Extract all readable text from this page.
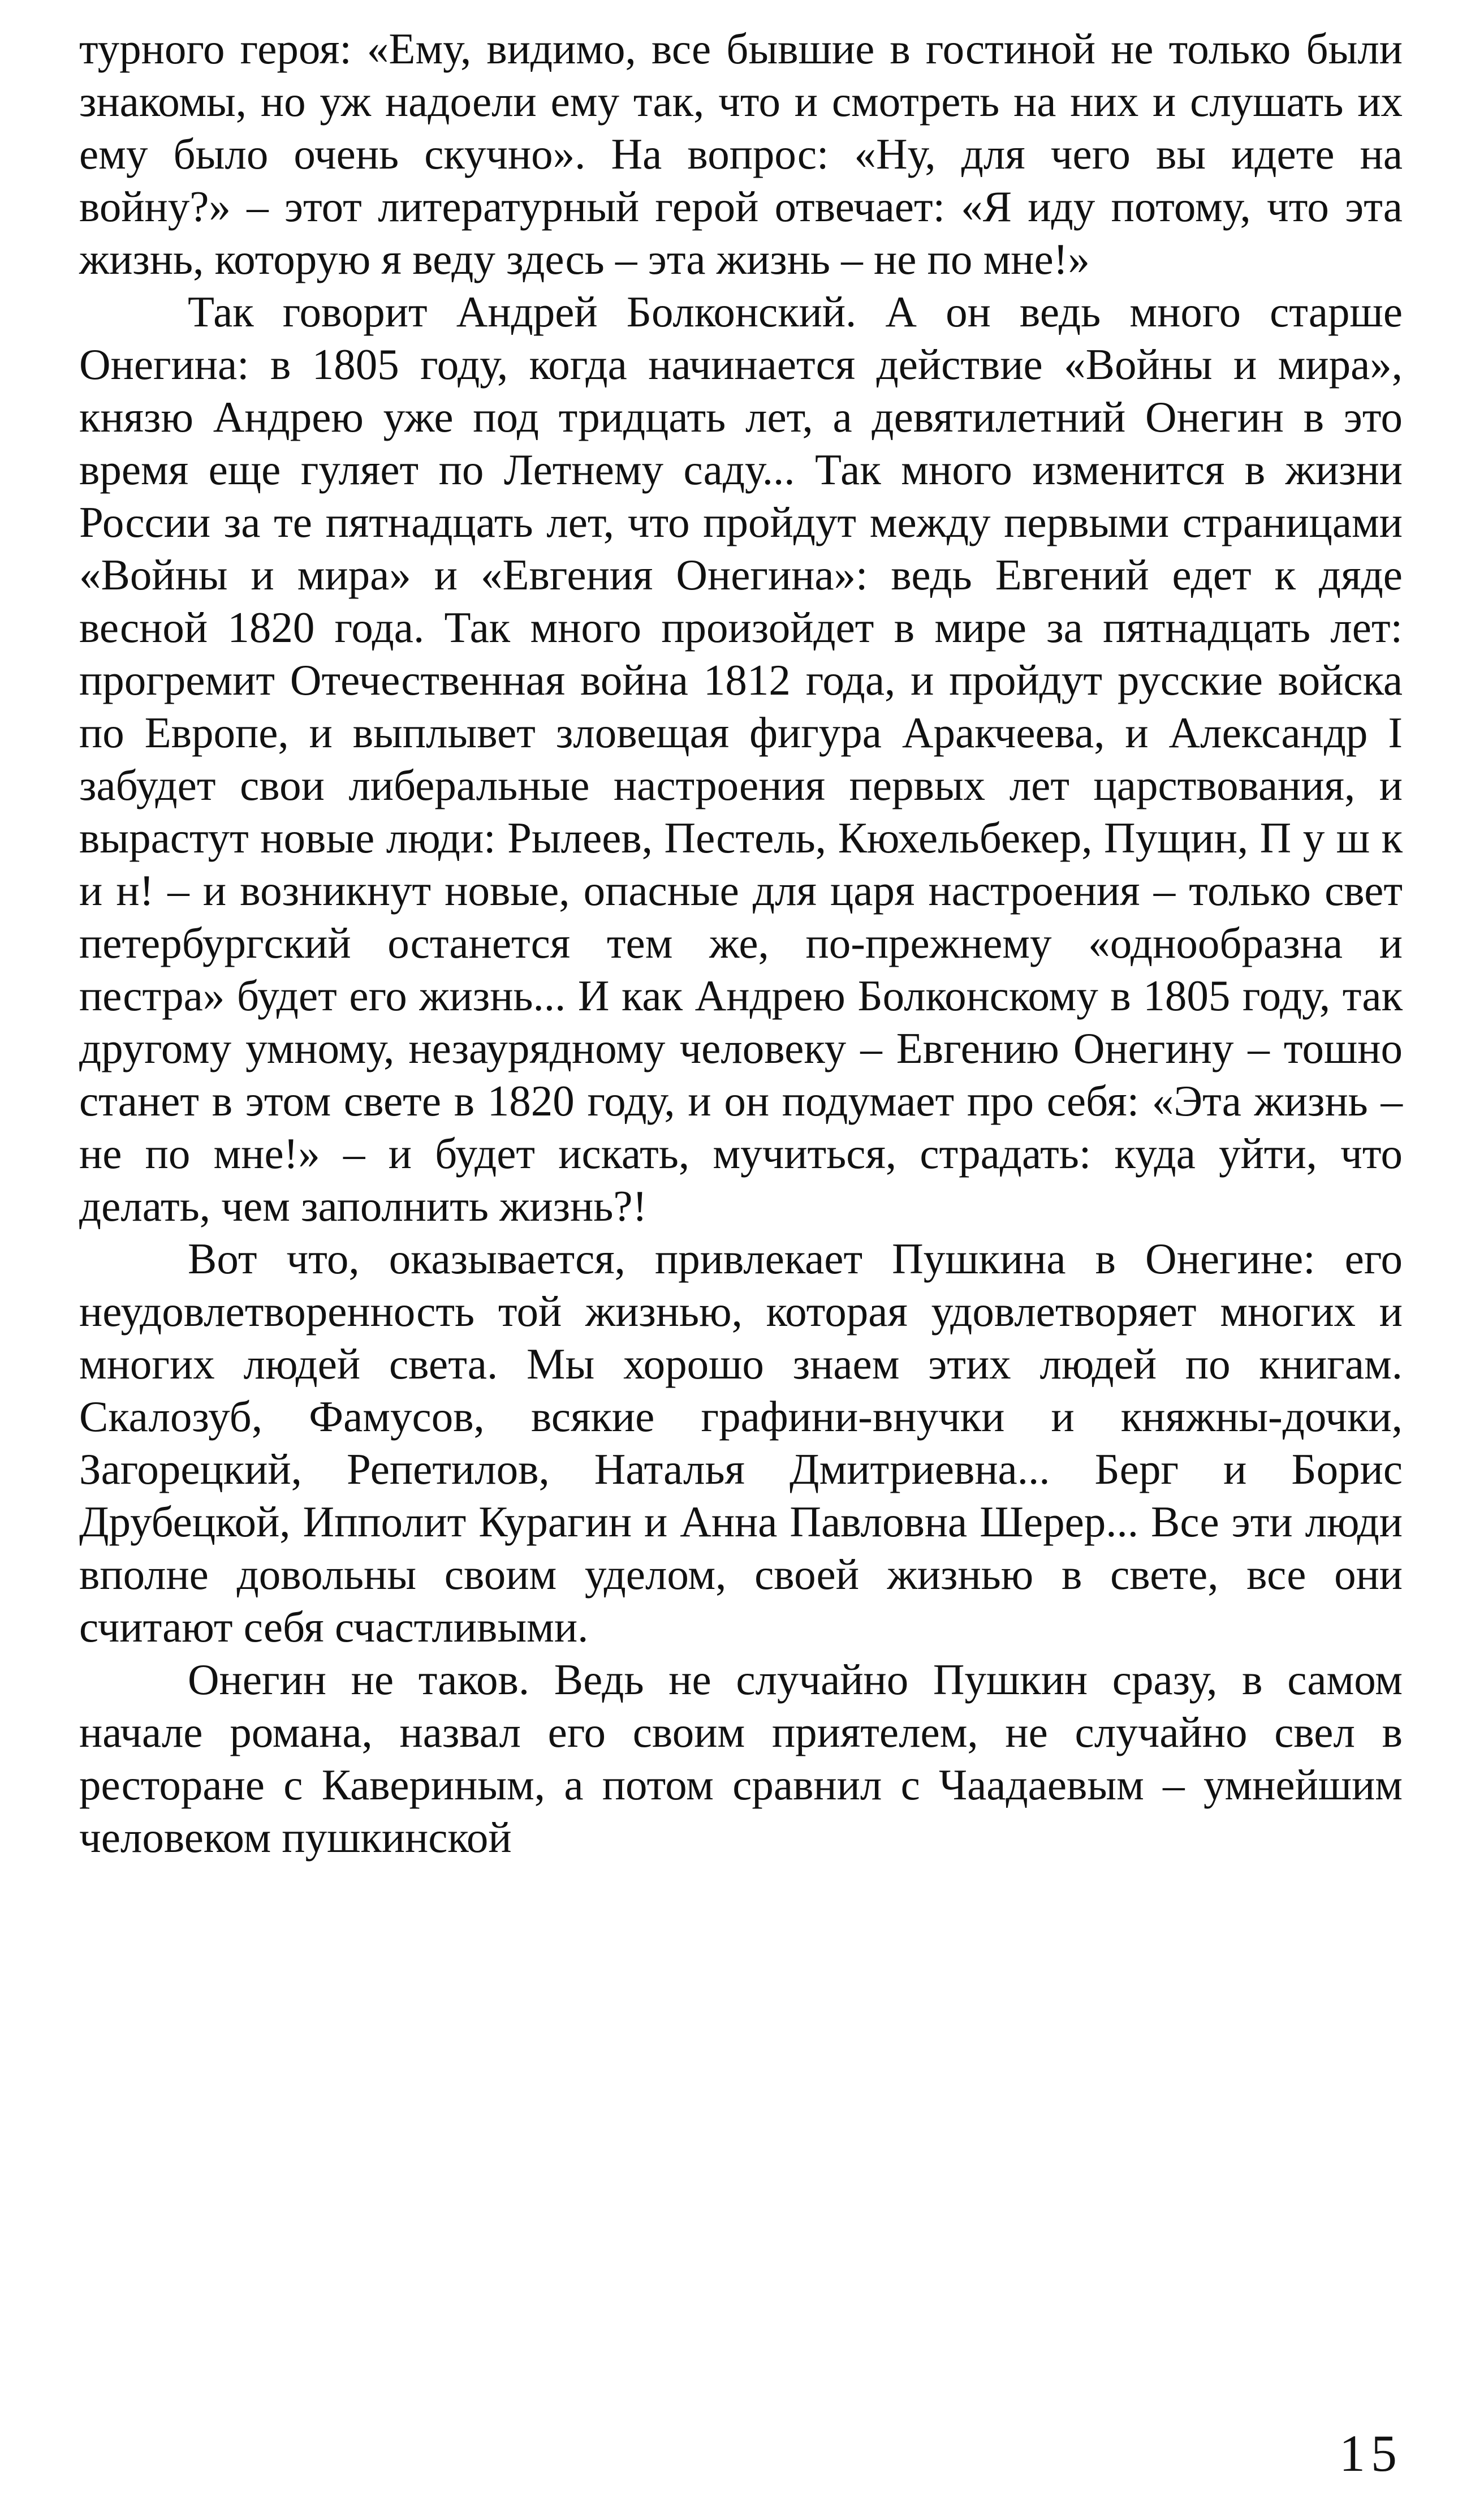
турного героя: «Ему, видимо, все бывшие в гостиной не только были знакомы, но уж надоели ему так, что и смотреть на них и слушать их ему было очень скучно». На вопрос: «Ну, для чего вы идете на войну?» – этот литературный герой отвечает: «Я иду потому, что эта жизнь, которую я веду здесь – эта жизнь – не по мне!»

Так говорит Андрей Болконский. А он ведь много старше Онегина: в 1805 году, когда начинается действие «Войны и мира», князю Андрею уже под тридцать лет, а девятилетний Онегин в это время еще гуляет по Летнему саду... Так много изменится в жизни России за те пятнадцать лет, что пройдут между первыми страницами «Войны и мира» и «Евгения Онегина»: ведь Евгений едет к дяде весной 1820 года. Так много произойдет в мире за пятнадцать лет: прогремит Отечественная война 1812 года, и пройдут русские войска по Европе, и выплывет зловещая фигура Аракчеева, и Александр I забудет свои либеральные настроения первых лет царствования, и вырастут новые люди: Рылеев, Пестель, Кюхельбекер, Пущин, П у ш к и н! – и возникнут новые, опасные для царя настроения – только свет петербургский останется тем же, по-прежнему «однообразна и пестра» будет его жизнь... И как Андрею Болконскому в 1805 году, так другому умному, незаурядному человеку – Евгению Онегину – тошно станет в этом свете в 1820 году, и он подумает про себя: «Эта жизнь – не по мне!» – и будет искать, мучиться, страдать: куда уйти, что делать, чем заполнить жизнь?!

Вот что, оказывается, привлекает Пушкина в Онегине: его неудовлетворенность той жизнью, которая удовлетворяет многих и многих людей света. Мы хорошо знаем этих людей по книгам. Скалозуб, Фамусов, всякие графини-внучки и княжны-дочки, Загорецкий, Репетилов, Наталья Дмитриевна... Берг и Борис Друбецкой, Ипполит Курагин и Анна Павловна Шерер... Все эти люди вполне довольны своим уделом, своей жизнью в свете, все они считают себя счастливыми.

Онегин не таков. Ведь не случайно Пушкин сразу, в самом начале романа, назвал его своим приятелем, не случайно свел в ресторане с Кавериным, а потом сравнил с Чаадаевым – умнейшим человеком пушкинской

15
